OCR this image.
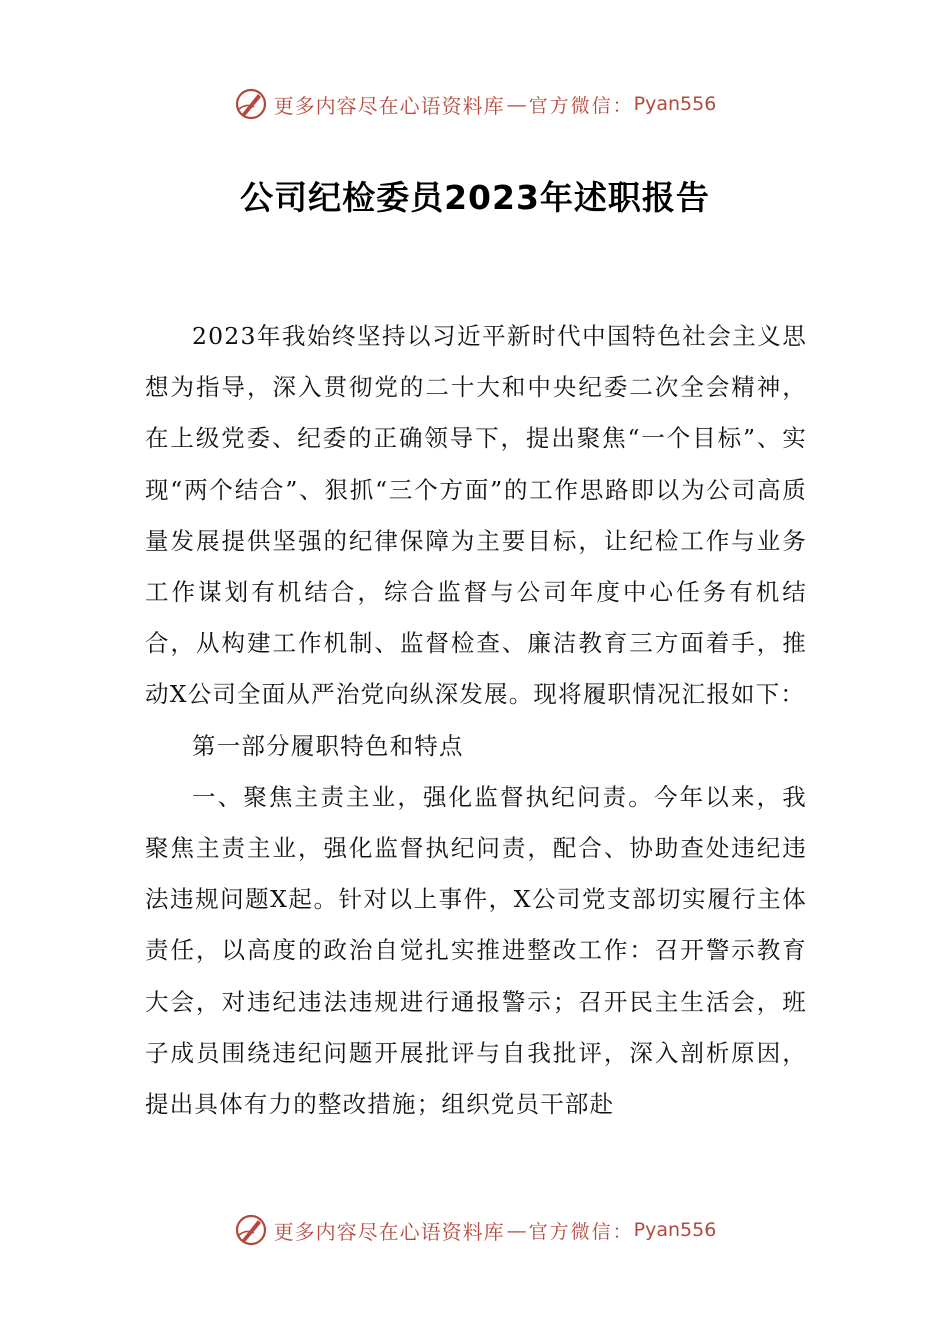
更多内容尽在心语资料库 — 官方微信： Pyan556
公司纪检委员2023年述职报告

2023年我始终坚持以习近平新时代中国特色社会主义思想为指导，深入贯彻党的二十大和中央纪委二次全会精神，在上级党委、纪委的正确领导下，提出聚焦“一个目标”、实现“两个结合”、狠抓“三个方面”的工作思路即以为公司高质量发展提供坚强的纪律保障为主要目标，让纪检工作与业务工作谋划有机结合，综合监督与公司年度中心任务有机结合，从构建工作机制、监督检查、廉洁教育三方面着手，推动X公司全面从严治党向纵深发展。现将履职情况汇报如下：

第一部分履职特色和特点

一、聚焦主责主业，强化监督执纪问责。今年以来，我聚焦主责主业，强化监督执纪问责，配合、协助查处违纪违法违规问题X起。针对以上事件，X公司党支部切实履行主体责任，以高度的政治自觉扎实推进整改工作：召开警示教育大会，对违纪违法违规进行通报警示；召开民主生活会，班子成员围绕违纪问题开展批评与自我批评，深入剖析原因，提出具体有力的整改措施；组织党员干部赴

更多内容尽在心语资料库 — 官方微信： Pyan556
